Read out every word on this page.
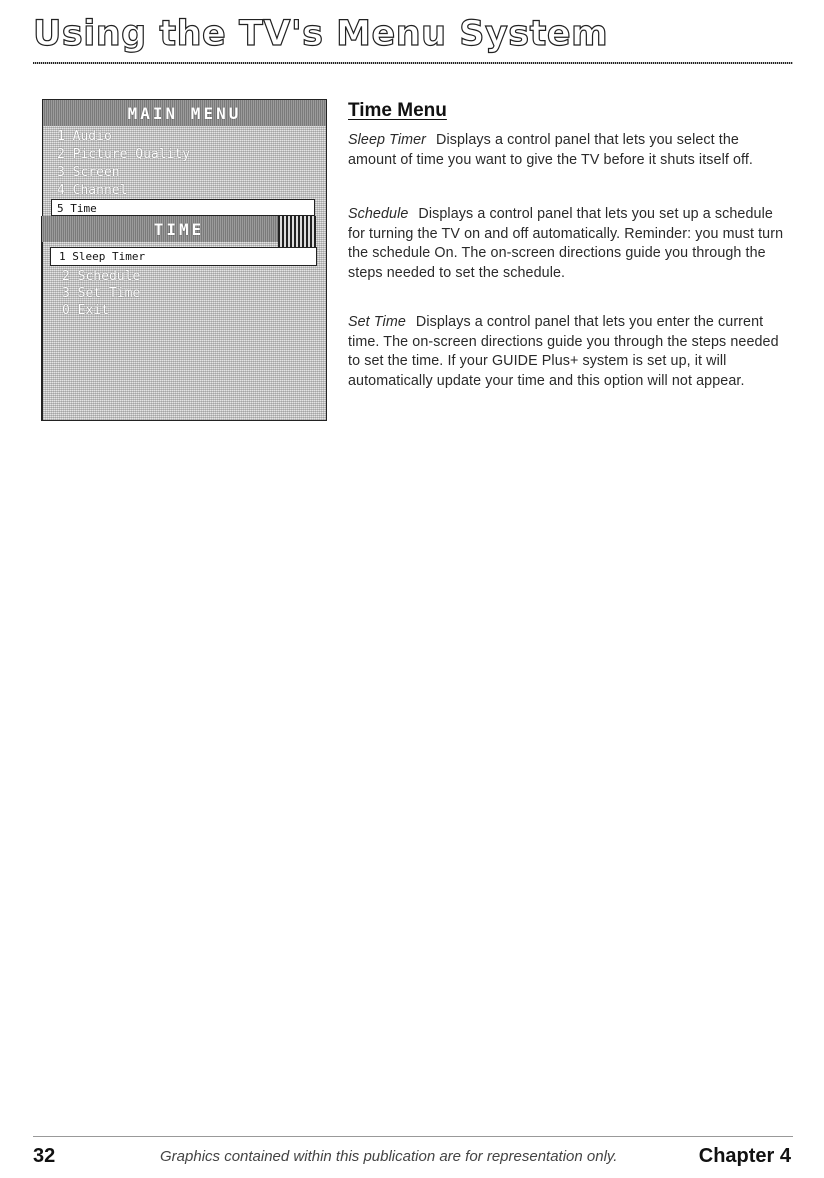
Using the TV's Menu System
MAIN MENU
1 Audio
2 Picture Quality
3 Screen
4 Channel
5 Time
TIME
1 Sleep Timer
2 Schedule
3 Set Time
0 Exit
Time Menu
Sleep Timer Displays a control panel that lets you select the amount of time you want to give the TV before it shuts itself off.
Schedule Displays a control panel that lets you set up a schedule for turning the TV on and off automatically. Reminder: you must turn the schedule On. The on-screen directions guide you through the steps needed to set the schedule.
Set Time Displays a control panel that lets you enter the current time. The on-screen directions guide you through the steps needed to set the time. If your GUIDE Plus+ system is set up, it will automatically update your time and this option will not appear.
32	Graphics contained within this publication are for representation only.	Chapter 4
